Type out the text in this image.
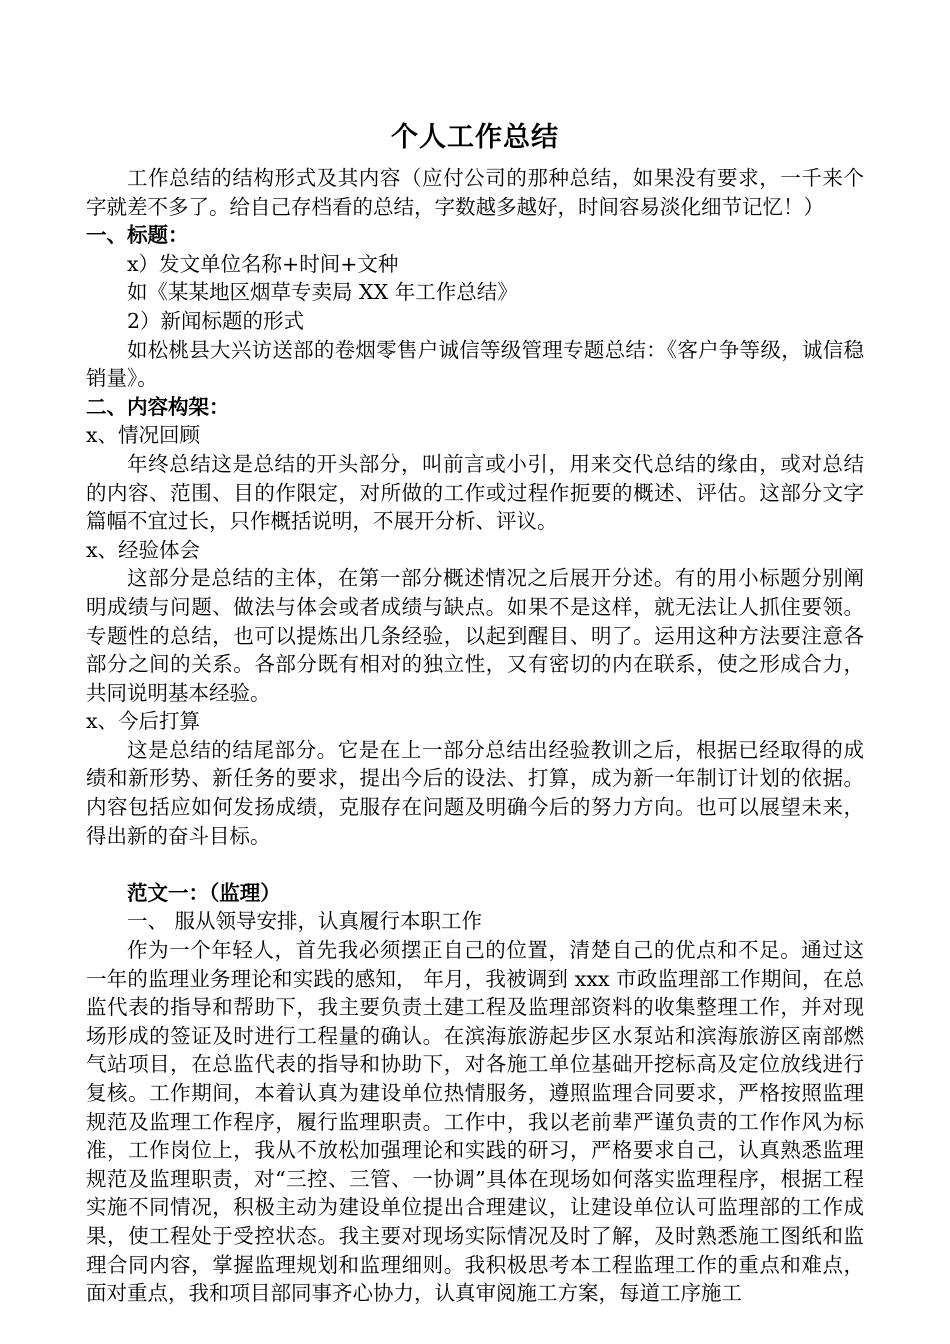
个人工作总结

工作总结的结构形式及其内容（应付公司的那种总结，如果没有要求，一千来个字就差不多了。给自己存档看的总结，字数越多越好，时间容易淡化细节记忆！）

一、标题：

x）发文单位名称+时间+文种

如《某某地区烟草专卖局 XX 年工作总结》

2）新闻标题的形式

如松桃县大兴访送部的卷烟零售户诚信等级管理专题总结：《客户争等级，诚信稳销量》。

二、内容构架：

x、情况回顾

年终总结这是总结的开头部分，叫前言或小引，用来交代总结的缘由，或对总结的内容、范围、目的作限定，对所做的工作或过程作扼要的概述、评估。这部分文字篇幅不宜过长，只作概括说明，不展开分析、评议。

x、经验体会

这部分是总结的主体，在第一部分概述情况之后展开分述。有的用小标题分别阐明成绩与问题、做法与体会或者成绩与缺点。如果不是这样，就无法让人抓住要领。专题性的总结，也可以提炼出几条经验，以起到醒目、明了。运用这种方法要注意各部分之间的关系。各部分既有相对的独立性，又有密切的内在联系，使之形成合力，共同说明基本经验。

x、今后打算

这是总结的结尾部分。它是在上一部分总结出经验教训之后，根据已经取得的成绩和新形势、新任务的要求，提出今后的设法、打算，成为新一年制订计划的依据。内容包括应如何发扬成绩，克服存在问题及明确今后的努力方向。也可以展望未来，得出新的奋斗目标。

范文一：（监理）

一、 服从领导安排，认真履行本职工作

作为一个年轻人，首先我必须摆正自己的位置，清楚自己的优点和不足。通过这一年的监理业务理论和实践的感知， 年月，我被调到 xxx 市政监理部工作期间，在总监代表的指导和帮助下，我主要负责土建工程及监理部资料的收集整理工作，并对现场形成的签证及时进行工程量的确认。在滨海旅游起步区水泵站和滨海旅游区南部燃气站项目，在总监代表的指导和协助下，对各施工单位基础开挖标高及定位放线进行复核。工作期间，本着认真为建设单位热情服务，遵照监理合同要求，严格按照监理规范及监理工作程序，履行监理职责。工作中，我以老前辈严谨负责的工作作风为标准，工作岗位上，我从不放松加强理论和实践的研习，严格要求自己，认真熟悉监理规范及监理职责，对“三控、三管、一协调”具体在现场如何落实监理程序，根据工程实施不同情况，积极主动为建设单位提出合理建议，让建设单位认可监理部的工作成果，使工程处于受控状态。我主要对现场实际情况及时了解，及时熟悉施工图纸和监理合同内容，掌握监理规划和监理细则。我积极思考本工程监理工作的重点和难点，面对重点，我和项目部同事齐心协力，认真审阅施工方案，每道工序施工
